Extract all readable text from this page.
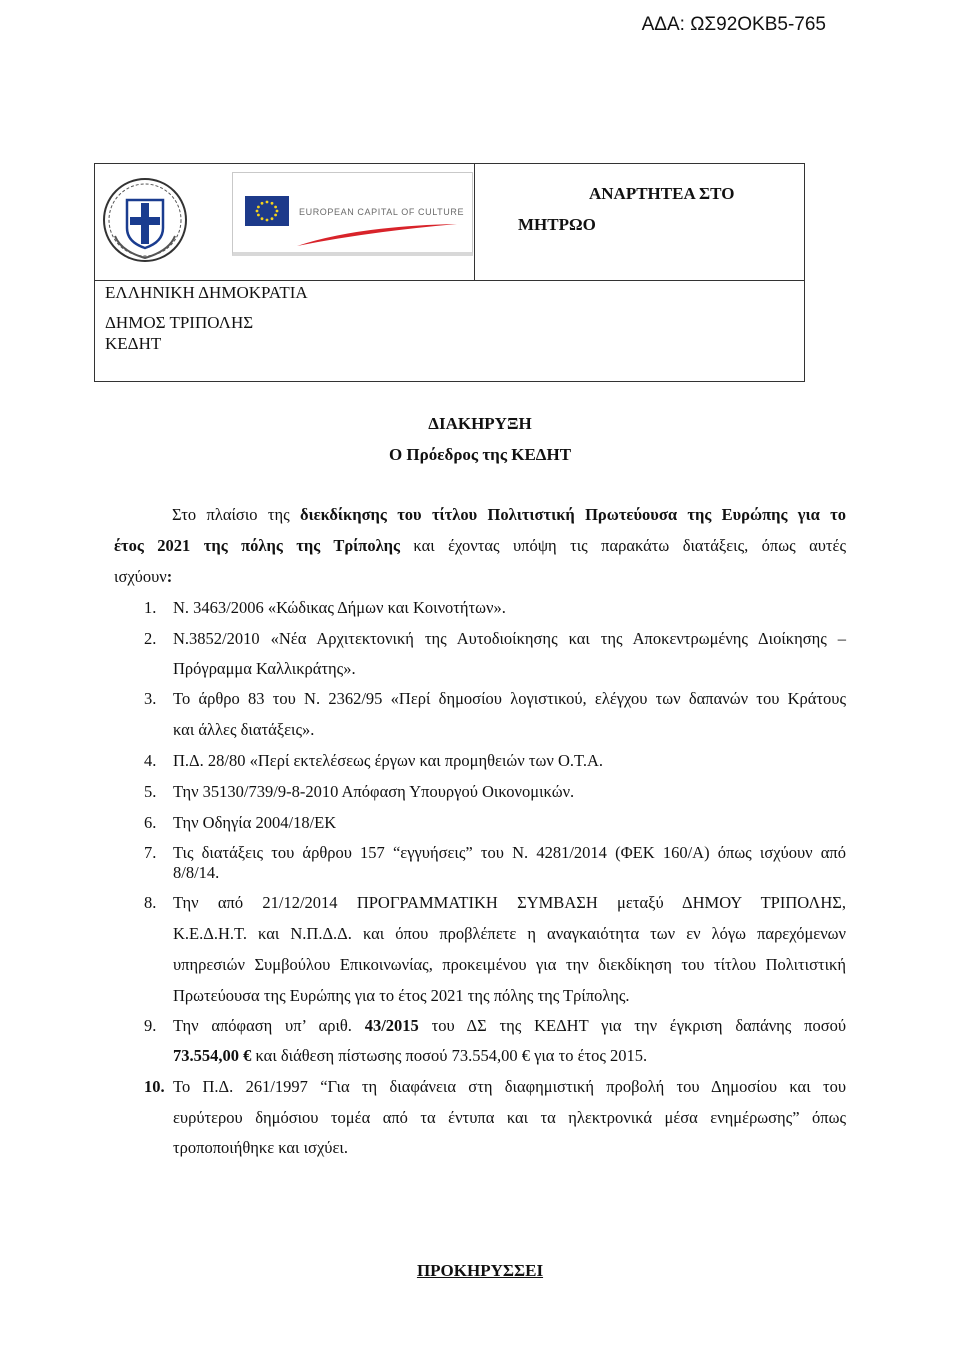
ΑΔΑ: ΩΣ92ΟΚΒ5-765
EUROPEAN CAPITAL OF CULTURE
ΑΝΑΡΤΗΤΕΑ ΣΤΟ
ΜΗΤΡΩΟ
ΕΛΛΗΝΙΚΗ ΔΗΜΟΚΡΑΤΙΑ
ΔΗΜΟΣ ΤΡΙΠΟΛΗΣ
ΚΕΔΗΤ
ΔΙΑΚΗΡΥΞΗ
Ο Πρόεδρος της ΚΕΔΗΤ
Στο πλαίσιο της διεκδίκησης του τίτλου Πολιτιστική Πρωτεύουσα της Ευρώπης για το
έτος 2021 της πόλης της Τρίπολης και έχοντας υπόψη τις παρακάτω διατάξεις, όπως αυτές
ισχύουν:
1. Ν. 3463/2006 «Κώδικας Δήμων και Κοινοτήτων».
2. Ν.3852/2010 «Νέα Αρχιτεκτονική της Αυτοδιοίκησης και της Αποκεντρωμένης Διοίκησης –
Πρόγραμμα Καλλικράτης».
3. Το άρθρο 83 του Ν. 2362/95 «Περί δημοσίου λογιστικού, ελέγχου των δαπανών του Κράτους
και άλλες διατάξεις».
4. Π.Δ. 28/80 «Περί εκτελέσεως έργων και προμηθειών των Ο.Τ.Α.
5. Την 35130/739/9-8-2010 Απόφαση Υπουργού Οικονομικών.
6. Την Οδηγία 2004/18/ΕΚ
7. Τις διατάξεις του άρθρου 157 “εγγυήσεις” του Ν. 4281/2014 (ΦΕΚ 160/Α) όπως ισχύουν από
8/8/14.
8. Την από 21/12/2014 ΠΡΟΓΡΑΜΜΑΤΙΚΗ ΣΥΜΒΑΣΗ μεταξύ ΔΗΜΟΥ ΤΡΙΠΟΛΗΣ,
Κ.Ε.Δ.Η.Τ. και Ν.Π.Δ.Δ. και όπου προβλέπετε η αναγκαιότητα των εν λόγω παρεχόμενων
υπηρεσιών Συμβούλου Επικοινωνίας, προκειμένου για την διεκδίκηση του τίτλου Πολιτιστική
Πρωτεύουσα της Ευρώπης για το έτος 2021 της πόλης της Τρίπολης.
9. Την απόφαση υπ’ αριθ. 43/2015 του ΔΣ της ΚΕΔΗΤ για την έγκριση δαπάνης ποσού
73.554,00 € και διάθεση πίστωσης ποσού 73.554,00 € για το έτος 2015.
10. Το Π.Δ. 261/1997 “Για τη διαφάνεια στη διαφημιστική προβολή του Δημοσίου και του
ευρύτερου δημόσιου τομέα από τα έντυπα και τα ηλεκτρονικά μέσα ενημέρωσης” όπως
τροποποιήθηκε και ισχύει.
ΠΡΟΚΗΡΥΣΣΕΙ
